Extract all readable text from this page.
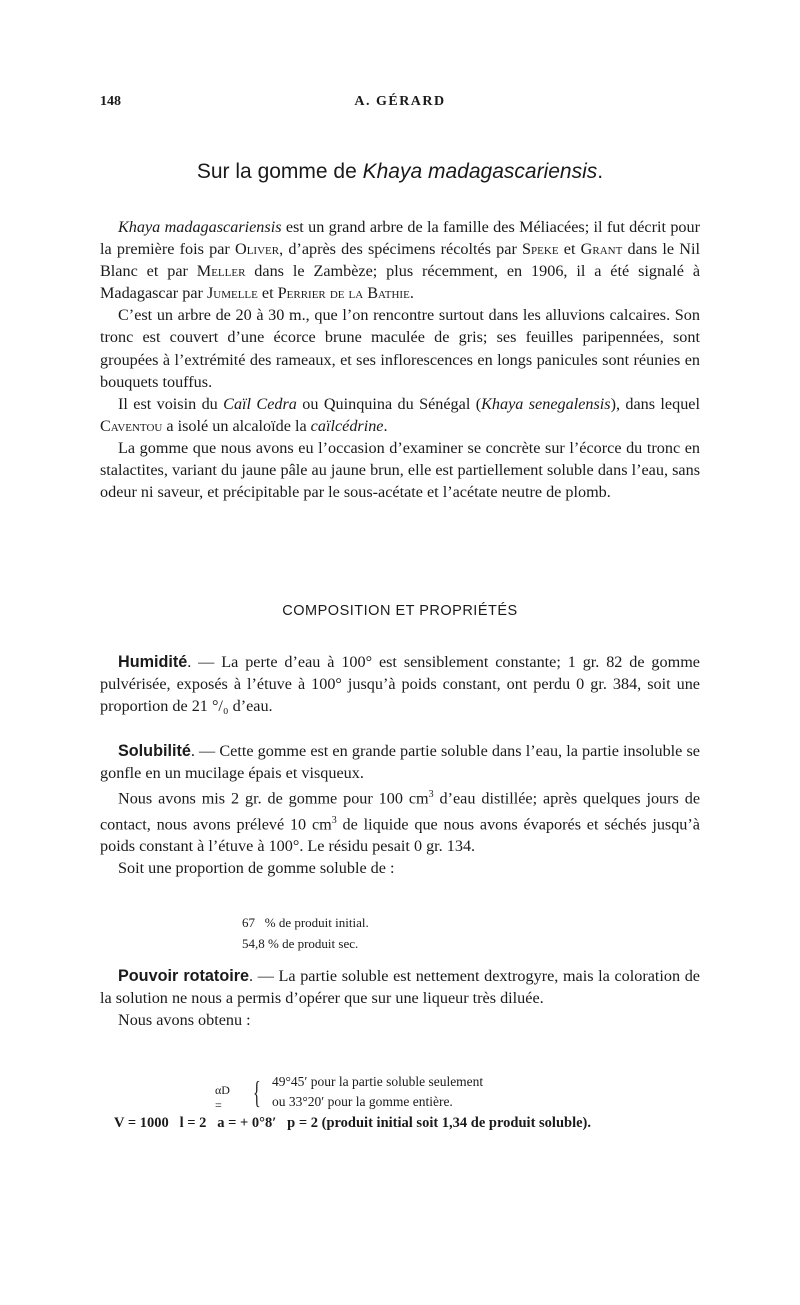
148	A. GÉRARD
Sur la gomme de Khaya madagascariensis.

Khaya madagascariensis est un grand arbre de la famille des Méliacées; il fut décrit pour la première fois par Oliver, d’après des spécimens récoltés par Speke et Grant dans le Nil Blanc et par Meller dans le Zambèze; plus récemment, en 1906, il a été signalé à Madagascar par Jumelle et Perrier de la Bathie.

C’est un arbre de 20 à 30 m., que l’on rencontre surtout dans les alluvions calcaires. Son tronc est couvert d’une écorce brune maculée de gris; ses feuilles paripennées, sont groupées à l’extrémité des rameaux, et ses inflorescences en longs panicules sont réunies en bouquets touffus.

Il est voisin du Caïl Cedra ou Quinquina du Sénégal (Khaya senegalensis), dans lequel Caventou a isolé un alcaloïde la caïlcédrine.

La gomme que nous avons eu l’occasion d’examiner se concrète sur l’écorce du tronc en stalactites, variant du jaune pâle au jaune brun, elle est partiellement soluble dans l’eau, sans odeur ni saveur, et précipitable par le sous-acétate et l’acétate neutre de plomb.

COMPOSITION ET PROPRIÉTÉS

Humidité. — La perte d’eau à 100° est sensiblement constante; 1 gr. 82 de gomme pulvérisée, exposés à l’étuve à 100° jusqu’à poids constant, ont perdu 0 gr. 384, soit une proportion de 21 °/₀ d’eau.

Solubilité. — Cette gomme est en grande partie soluble dans l’eau, la partie insoluble se gonfle en un mucilage épais et visqueux.

Nous avons mis 2 gr. de gomme pour 100 $cm^3$ d’eau distillée; après quelques jours de contact, nous avons prélevé 10 $cm^3$ de liquide que nous avons évaporés et séchés jusqu’à poids constant à l’étuve à 100°. Le résidu pesait 0 gr. 134.

Soit une proportion de gomme soluble de :

67   % de produit initial.
54,8 % de produit sec.

Pouvoir rotatoire. — La partie soluble est nettement dextrogyre, mais la coloration de la solution ne nous a permis d’opérer que sur une liqueur très diluée.

Nous avons obtenu :

αD = { 49°45′ pour la partie soluble seulement
ou 33°20′ pour la gomme entière.
V = 1000   l = 2   a = + 0°8′   p = 2 (produit initial soit 1,34 de produit soluble).
